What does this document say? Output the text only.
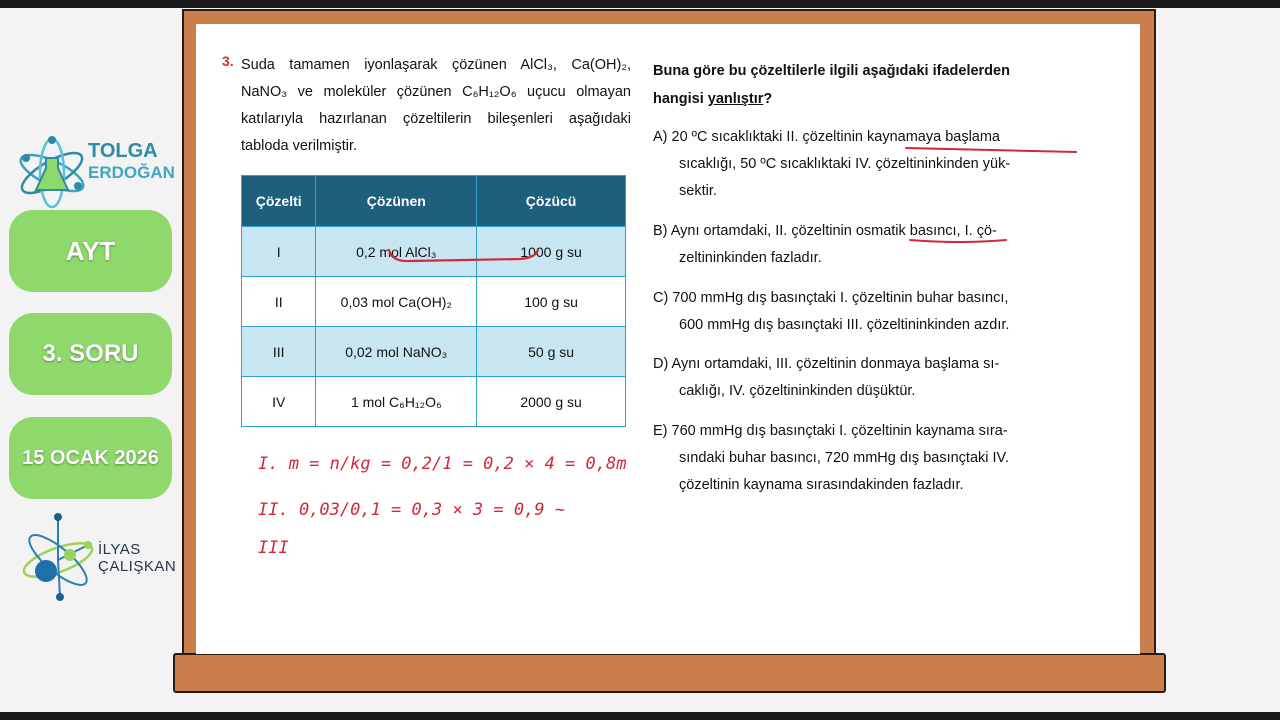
TOLGA
ERDOĞAN
AYT
3. SORU
15 OCAK 2026
İLYAS
ÇALIŞKAN
3. Suda tamamen iyonlaşarak çözünen AlCl₃, Ca(OH)₂,
NaNO₃ ve moleküler çözünen C₆H₁₂O₆ uçucu olmayan
katılarıyla hazırlanan çözeltilerin bileşenleri aşağıdaki
tabloda verilmiştir.
Çözelti	Çözünen	Çözücü
I	0,2 mol AlCl₃	1000 g su
II	0,03 mol Ca(OH)₂	100 g su
III	0,02 mol NaNO₃	50 g su
IV	1 mol C₆H₁₂O₆	2000 g su
Buna göre bu çözeltilerle ilgili aşağıdaki ifadelerden
hangisi yanlıştır?
A) 20 ºC sıcaklıktaki II. çözeltinin kaynamaya başlama
sıcaklığı, 50 ºC sıcaklıktaki IV. çözeltininkinden yük-
sektir.
B) Aynı ortamdaki, II. çözeltinin osmatik basıncı, I. çö-
zeltininkinden fazladır.
C) 700 mmHg dış basınçtaki I. çözeltinin buhar basıncı,
600 mmHg dış basınçtaki III. çözeltininkinden azdır.
D) Aynı ortamdaki, III. çözeltinin donmaya başlama sı-
caklığı, IV. çözeltininkinden düşüktür.
E) 760 mmHg dış basınçtaki I. çözeltinin kaynama sıra-
sındaki buhar basıncı, 720 mmHg dış basınçtaki IV.
çözeltinin kaynama sırasındakinden fazladır.
I. m = n/kg = 0,2/1 = 0,2 × 4 = 0,8m
II. 0,03/0,1 = 0,3 × 3 = 0,9 ~
III
